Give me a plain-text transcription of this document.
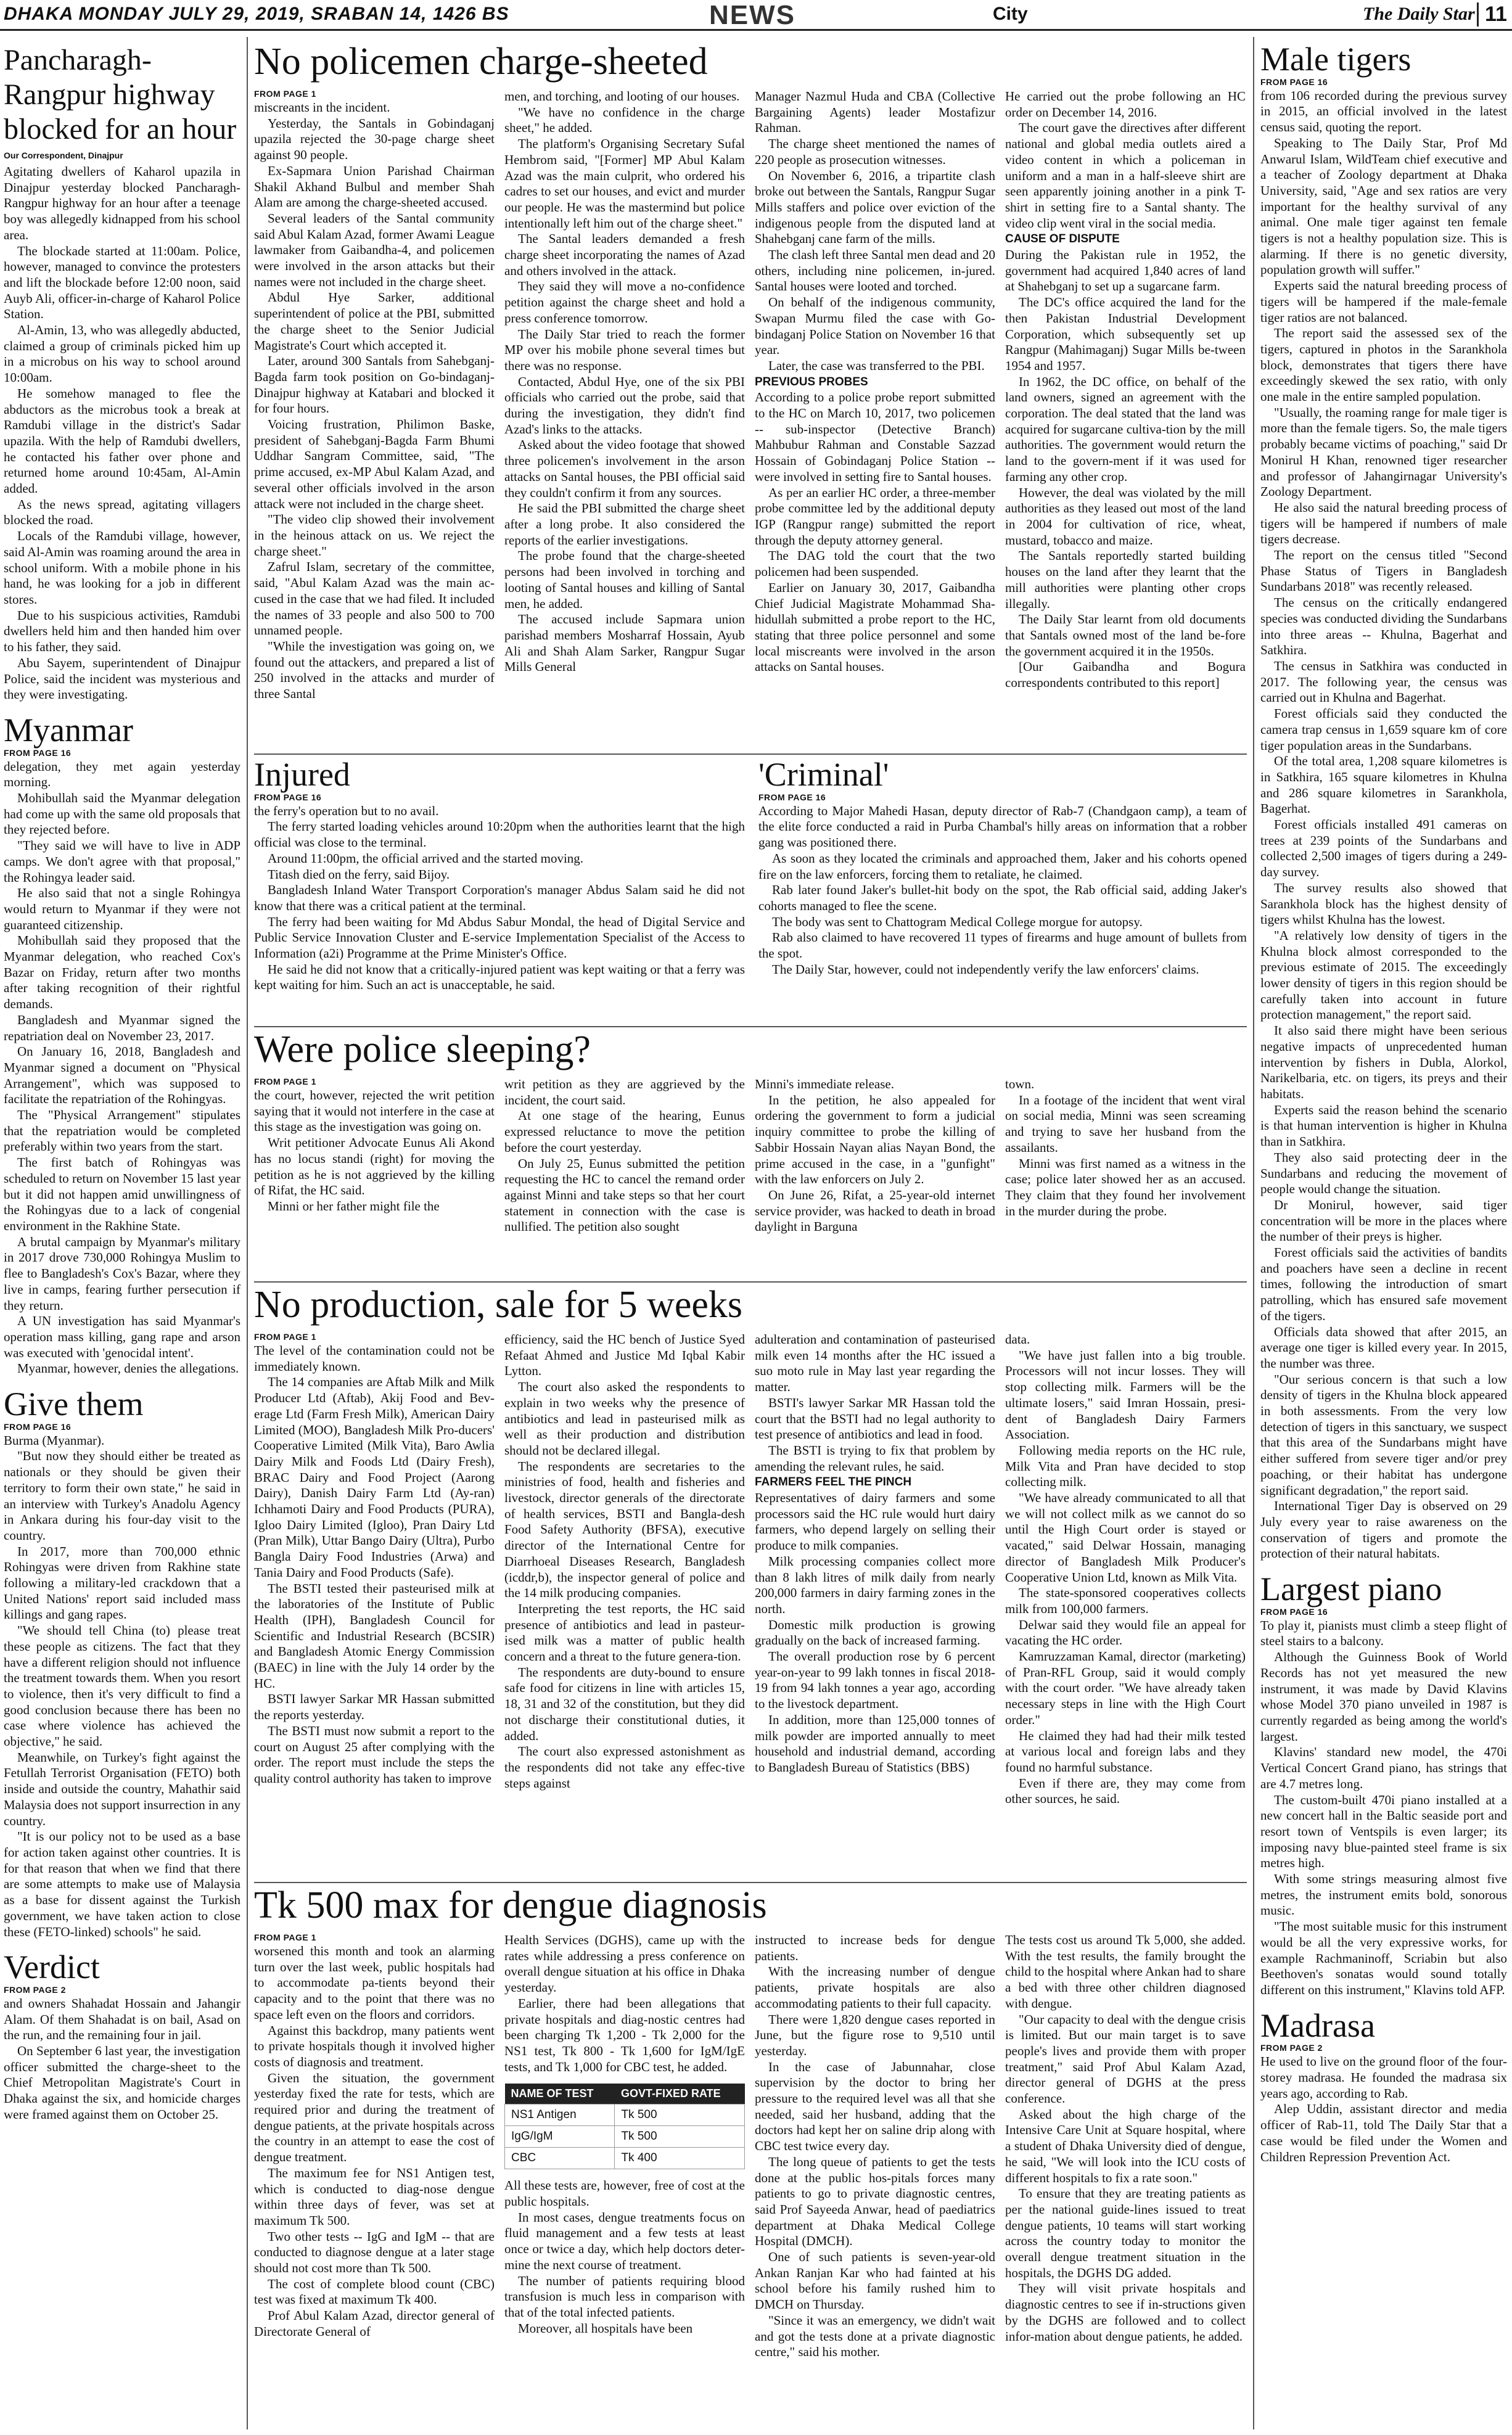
DHAKA MONDAY JULY 29, 2019, SRABAN 14, 1426 BS	NEWS	City	The Daily Star 11
Pancharagh-Rangpur highway blocked for an hour
Our Correspondent, Dinajpur

Agitating dwellers of Kaharol upazila in Dinajpur yesterday blocked Pancharagh-Rangpur highway for an hour after a teenage boy was allegedly kidnapped from his school area.

The blockade started at 11:00am. Police, however, managed to convince the protesters and lift the blockade before 12:00 noon, said Auyb Ali, officer-in-charge of Kaharol Police Station.

Al-Amin, 13, who was allegedly abducted, claimed a group of criminals picked him up in a microbus on his way to school around 10:00am.

He somehow managed to flee the abductors as the microbus took a break at Ramdubi village in the district's Sadar upazila. With the help of Ramdubi dwellers, he contacted his father over phone and returned home around 10:45am, Al-Amin added.

As the news spread, agitating villagers blocked the road.

Locals of the Ramdubi village, however, said Al-Amin was roaming around the area in school uniform. With a mobile phone in his hand, he was looking for a job in different stores.

Due to his suspicious activities, Ramdubi dwellers held him and then handed him over to his father, they said.

Abu Sayem, superintendent of Dinajpur Police, said the incident was mysterious and they were investigating.

Myanmar
FROM PAGE 16

delegation, they met again yesterday morning.

Mohibullah said the Myanmar delegation had come up with the same old proposals that they rejected before.

"They said we will have to live in ADP camps. We don't agree with that proposal," the Rohingya leader said.

He also said that not a single Rohingya would return to Myanmar if they were not guaranteed citizenship.

Mohibullah said they proposed that the Myanmar delegation, who reached Cox's Bazar on Friday, return after two months after taking recognition of their rightful demands.

Bangladesh and Myanmar signed the repatriation deal on November 23, 2017.

On January 16, 2018, Bangladesh and Myanmar signed a document on "Physical Arrangement", which was supposed to facilitate the repatriation of the Rohingyas.

The "Physical Arrangement" stipulates that the repatriation would be completed preferably within two years from the start.

The first batch of Rohingyas was scheduled to return on November 15 last year but it did not happen amid unwillingness of the Rohingyas due to a lack of congenial environment in the Rakhine State.

A brutal campaign by Myanmar's military in 2017 drove 730,000 Rohingya Muslim to flee to Bangladesh's Cox's Bazar, where they live in camps, fearing further persecution if they return.

A UN investigation has said Myanmar's operation mass killing, gang rape and arson was executed with 'genocidal intent'.

Myanmar, however, denies the allegations.

Give them
FROM PAGE 16

Burma (Myanmar).

"But now they should either be treated as nationals or they should be given their territory to form their own state," he said in an interview with Turkey's Anadolu Agency in Ankara during his four-day visit to the country.

In 2017, more than 700,000 ethnic Rohingyas were driven from Rakhine state following a military-led crackdown that a United Nations' report said included mass killings and gang rapes.

"We should tell China (to) please treat these people as citizens. The fact that they have a different religion should not influence the treatment towards them. When you resort to violence, then it's very difficult to find a good conclusion because there has been no case where violence has achieved the objective," he said.

Meanwhile, on Turkey's fight against the Fetullah Terrorist Organisation (FETO) both inside and outside the country, Mahathir said Malaysia does not support insurrection in any country.

"It is our policy not to be used as a base for action taken against other countries. It is for that reason that when we find that there are some attempts to make use of Malaysia as a base for dissent against the Turkish government, we have taken action to close these (FETO-linked) schools" he said.

Verdict
FROM PAGE 2

and owners Shahadat Hossain and Jahangir Alam. Of them Shahadat is on bail, Asad on the run, and the remaining four in jail.

On September 6 last year, the investigation officer submitted the charge-sheet to the Chief Metropolitan Magistrate's Court in Dhaka against the six, and homicide charges were framed against them on October 25.

No policemen charge-sheeted
FROM PAGE 1

miscreants in the incident.

Yesterday, the Santals in Gobindaganj upazila rejected the 30-page charge sheet against 90 people.

Ex-Sapmara Union Parishad Chairman Shakil Akhand Bulbul and member Shah Alam are among the charge-sheeted accused.

Several leaders of the Santal community said Abul Kalam Azad, former Awami League lawmaker from Gaibandha-4, and policemen were involved in the arson attacks but their names were not included in the charge sheet.

Abdul Hye Sarker, additional superintendent of police at the PBI, submitted the charge sheet to the Senior Judicial Magistrate's Court which accepted it.

Later, around 300 Santals from Sahebganj-Bagda farm took position on Go-bindaganj-Dinajpur highway at Katabari and blocked it for four hours.

Voicing frustration, Philimon Baske, president of Sahebganj-Bagda Farm Bhumi Uddhar Sangram Committee, said, "The prime accused, ex-MP Abul Kalam Azad, and several other officials involved in the arson attack were not included in the charge sheet.

"The video clip showed their involvement in the heinous attack on us. We reject the charge sheet."

Zafrul Islam, secretary of the committee, said, "Abul Kalam Azad was the main ac-cused in the case that we had filed. It included the names of 33 people and also 500 to 700 unnamed people.

"While the investigation was going on, we found out the attackers, and prepared a list of 250 involved in the attacks and murder of three Santal

men, and torching, and looting of our houses.

"We have no confidence in the charge sheet," he added.

The platform's Organising Secretary Sufal Hembrom said, "[Former] MP Abul Kalam Azad was the main culprit, who ordered his cadres to set our houses, and evict and murder our people. He was the mastermind but police intentionally left him out of the charge sheet."

The Santal leaders demanded a fresh charge sheet incorporating the names of Azad and others involved in the attack.

They said they will move a no-confidence petition against the charge sheet and hold a press conference tomorrow.

The Daily Star tried to reach the former MP over his mobile phone several times but there was no response.

Contacted, Abdul Hye, one of the six PBI officials who carried out the probe, said that during the investigation, they didn't find Azad's links to the attacks.

Asked about the video footage that showed three policemen's involvement in the arson attacks on Santal houses, the PBI official said they couldn't confirm it from any sources.

He said the PBI submitted the charge sheet after a long probe. It also considered the reports of the earlier investigations.

The probe found that the charge-sheeted persons had been involved in torching and looting of Santal houses and killing of Santal men, he added.

The accused include Sapmara union parishad members Mosharraf Hossain, Ayub Ali and Shah Alam Sarker, Rangpur Sugar Mills General

Manager Nazmul Huda and CBA (Collective Bargaining Agents) leader Mostafizur Rahman.

The charge sheet mentioned the names of 220 people as prosecution witnesses.

On November 6, 2016, a tripartite clash broke out between the Santals, Rangpur Sugar Mills staffers and police over eviction of the indigenous people from the disputed land at Shahebganj cane farm of the mills.

The clash left three Santal men dead and 20 others, including nine policemen, in-jured. Santal houses were looted and torched.

On behalf of the indigenous community, Swapan Murmu filed the case with Go-bindaganj Police Station on November 16 that year.

Later, the case was transferred to the PBI.

PREVIOUS PROBES

According to a police probe report submitted to the HC on March 10, 2017, two policemen -- sub-inspector (Detective Branch) Mahbubur Rahman and Constable Sazzad Hossain of Gobindaganj Police Station -- were involved in setting fire to Santal houses.

As per an earlier HC order, a three-member probe committee led by the additional deputy IGP (Rangpur range) submitted the report through the deputy attorney general.

The DAG told the court that the two policemen had been suspended.

Earlier on January 30, 2017, Gaibandha Chief Judicial Magistrate Mohammad Sha-hidullah submitted a probe report to the HC, stating that three police personnel and some local miscreants were involved in the arson attacks on Santal houses.

He carried out the probe following an HC order on December 14, 2016.

The court gave the directives after different national and global media outlets aired a video content in which a policeman in uniform and a man in a half-sleeve shirt are seen apparently joining another in a pink T-shirt in setting fire to a Santal shanty. The video clip went viral in the social media.

CAUSE OF DISPUTE

During the Pakistan rule in 1952, the government had acquired 1,840 acres of land at Shahebganj to set up a sugarcane farm.

The DC's office acquired the land for the then Pakistan Industrial Development Corporation, which subsequently set up Rangpur (Mahimaganj) Sugar Mills be-tween 1954 and 1957.

In 1962, the DC office, on behalf of the land owners, signed an agreement with the corporation. The deal stated that the land was acquired for sugarcane cultiva-tion by the mill authorities. The government would return the land to the govern-ment if it was used for farming any other crop.

However, the deal was violated by the mill authorities as they leased out most of the land in 2004 for cultivation of rice, wheat, mustard, tobacco and maize.

The Santals reportedly started building houses on the land after they learnt that the mill authorities were planting other crops illegally.

The Daily Star learnt from old documents that Santals owned most of the land be-fore the government acquired it in the 1950s.

[Our Gaibandha and Bogura correspondents contributed to this report]

Injured
FROM PAGE 16

the ferry's operation but to no avail.

The ferry started loading vehicles around 10:20pm when the authorities learnt that the high official was close to the terminal.

Around 11:00pm, the official arrived and the started moving.

Titash died on the ferry, said Bijoy.

Bangladesh Inland Water Transport Corporation's manager Abdus Salam said he did not know that there was a critical patient at the terminal.

The ferry had been waiting for Md Abdus Sabur Mondal, the head of Digital Service and Public Service Innovation Cluster and E-service Implementation Specialist of the Access to Information (a2i) Programme at the Prime Minister's Office.

He said he did not know that a critically-injured patient was kept waiting or that a ferry was kept waiting for him. Such an act is unacceptable, he said.

'Criminal'
FROM PAGE 16

According to Major Mahedi Hasan, deputy director of Rab-7 (Chandgaon camp), a team of the elite force conducted a raid in Purba Chambal's hilly areas on information that a robber gang was positioned there.

As soon as they located the criminals and approached them, Jaker and his cohorts opened fire on the law enforcers, forcing them to retaliate, he claimed.

Rab later found Jaker's bullet-hit body on the spot, the Rab official said, adding Jaker's cohorts managed to flee the scene.

The body was sent to Chattogram Medical College morgue for autopsy.

Rab also claimed to have recovered 11 types of firearms and huge amount of bullets from the spot.

The Daily Star, however, could not independently verify the law enforcers' claims.

Were police sleeping?
FROM PAGE 1

the court, however, rejected the writ petition saying that it would not interfere in the case at this stage as the investigation was going on.

Writ petitioner Advocate Eunus Ali Akond has no locus standi (right) for moving the petition as he is not aggrieved by the killing of Rifat, the HC said.

Minni or her father might file the

writ petition as they are aggrieved by the incident, the court said.

At one stage of the hearing, Eunus expressed reluctance to move the petition before the court yesterday.

On July 25, Eunus submitted the petition requesting the HC to cancel the remand order against Minni and take steps so that her court statement in connection with the case is nullified. The petition also sought

Minni's immediate release.

In the petition, he also appealed for ordering the government to form a judicial inquiry committee to probe the killing of Sabbir Hossain Nayan alias Nayan Bond, the prime accused in the case, in a "gunfight" with the law enforcers on July 2.

On June 26, Rifat, a 25-year-old internet service provider, was hacked to death in broad daylight in Barguna

town.

In a footage of the incident that went viral on social media, Minni was seen screaming and trying to save her husband from the assailants.

Minni was first named as a witness in the case; police later showed her as an accused. They claim that they found her involvement in the murder during the probe.

No production, sale for 5 weeks
FROM PAGE 1

The level of the contamination could not be immediately known.

The 14 companies are Aftab Milk and Milk Producer Ltd (Aftab), Akij Food and Bev-erage Ltd (Farm Fresh Milk), American Dairy Limited (MOO), Bangladesh Milk Pro-ducers' Cooperative Limited (Milk Vita), Baro Awlia Dairy Milk and Foods Ltd (Dairy Fresh), BRAC Dairy and Food Project (Aarong Dairy), Danish Dairy Farm Ltd (Ay-ran) Ichhamoti Dairy and Food Products (PURA), Igloo Dairy Limited (Igloo), Pran Dairy Ltd (Pran Milk), Uttar Bango Dairy (Ultra), Purbo Bangla Dairy Food Industries (Arwa) and Tania Dairy and Food Products (Safe).

The BSTI tested their pasteurised milk at the laboratories of the Institute of Public Health (IPH), Bangladesh Council for Scientific and Industrial Research (BCSIR) and Bangladesh Atomic Energy Commission (BAEC) in line with the July 14 order by the HC.

BSTI lawyer Sarkar MR Hassan submitted the reports yesterday.

The BSTI must now submit a report to the court on August 25 after complying with the order. The report must include the steps the quality control authority has taken to improve

efficiency, said the HC bench of Justice Syed Refaat Ahmed and Justice Md Iqbal Kabir Lytton.

The court also asked the respondents to explain in two weeks why the presence of antibiotics and lead in pasteurised milk as well as their production and distribution should not be declared illegal.

The respondents are secretaries to the ministries of food, health and fisheries and livestock, director generals of the directorate of health services, BSTI and Bangla-desh Food Safety Authority (BFSA), executive director of the International Centre for Diarrhoeal Diseases Research, Bangladesh (icddr,b), the inspector general of police and the 14 milk producing companies.

Interpreting the test reports, the HC said presence of antibiotics and lead in pasteur-ised milk was a matter of public health concern and a threat to the future genera-tion.

The respondents are duty-bound to ensure safe food for citizens in line with articles 15, 18, 31 and 32 of the constitution, but they did not discharge their constitutional duties, it added.

The court also expressed astonishment as the respondents did not take any effec-tive steps against

adulteration and contamination of pasteurised milk even 14 months after the HC issued a suo moto rule in May last year regarding the matter.

BSTI's lawyer Sarkar MR Hassan told the court that the BSTI had no legal authority to test presence of antibiotics and lead in food.

The BSTI is trying to fix that problem by amending the relevant rules, he said.

FARMERS FEEL THE PINCH

Representatives of dairy farmers and some processors said the HC rule would hurt dairy farmers, who depend largely on selling their produce to milk companies.

Milk processing companies collect more than 8 lakh litres of milk daily from nearly 200,000 farmers in dairy farming zones in the north.

Domestic milk production is growing gradually on the back of increased farming.

The overall production rose by 6 percent year-on-year to 99 lakh tonnes in fiscal 2018-19 from 94 lakh tonnes a year ago, according to the livestock department.

In addition, more than 125,000 tonnes of milk powder are imported annually to meet household and industrial demand, according to Bangladesh Bureau of Statistics (BBS)

data.

"We have just fallen into a big trouble. Processors will not incur losses. They will stop collecting milk. Farmers will be the ultimate losers," said Imran Hossain, presi-dent of Bangladesh Dairy Farmers Association.

Following media reports on the HC rule, Milk Vita and Pran have decided to stop collecting milk.

"We have already communicated to all that we will not collect milk as we cannot do so until the High Court order is stayed or vacated," said Delwar Hossain, managing director of Bangladesh Milk Producer's Cooperative Union Ltd, known as Milk Vita.

The state-sponsored cooperatives collects milk from 100,000 farmers.

Delwar said they would file an appeal for vacating the HC order.

Kamruzzaman Kamal, director (marketing) of Pran-RFL Group, said it would comply with the court order. "We have already taken necessary steps in line with the High Court order."

He claimed they had had their milk tested at various local and foreign labs and they found no harmful substance.

Even if there are, they may come from other sources, he said.

Tk 500 max for dengue diagnosis
FROM PAGE 1

worsened this month and took an alarming turn over the last week, public hospitals had to accommodate pa-tients beyond their capacity and to the point that there was no space left even on the floors and corridors.

Against this backdrop, many patients went to private hospitals though it involved higher costs of diagnosis and treatment.

Given the situation, the government yesterday fixed the rate for tests, which are required prior and during the treatment of dengue patients, at the private hospitals across the country in an attempt to ease the cost of dengue treatment.

The maximum fee for NS1 Antigen test, which is conducted to diag-nose dengue within three days of fever, was set at maximum Tk 500.

Two other tests -- IgG and IgM -- that are conducted to diagnose dengue at a later stage should not cost more than Tk 500.

The cost of complete blood count (CBC) test was fixed at maximum Tk 400.

Prof Abul Kalam Azad, director general of Directorate General of

Health Services (DGHS), came up with the rates while addressing a press conference on overall dengue situation at his office in Dhaka yesterday.

Earlier, there had been allegations that private hospitals and diag-nostic centres had been charging Tk 1,200 - Tk 2,000 for the NS1 test, Tk 800 - Tk 1,600 for IgM/IgE tests, and Tk 1,000 for CBC test, he added.

NAME OF TEST	GOVT-FIXED RATE
NS1 Antigen	Tk 500
IgG/IgM	Tk 500
CBC	Tk 400

All these tests are, however, free of cost at the public hospitals.

In most cases, dengue treatments focus on fluid management and a few tests at least once or twice a day, which help doctors deter-mine the next course of treatment.

The number of patients requiring blood transfusion is much less in comparison with that of the total infected patients.

Moreover, all hospitals have been

instructed to increase beds for dengue patients.

With the increasing number of dengue patients, private hospitals are also accommodating patients to their full capacity.

There were 1,820 dengue cases reported in June, but the figure rose to 9,510 until yesterday.

In the case of Jabunnahar, close supervision by the doctor to bring her pressure to the required level was all that she needed, said her husband, adding that the doctors had kept her on saline drip along with CBC test twice every day.

The long queue of patients to get the tests done at the public hos-pitals forces many patients to go to private diagnostic centres, said Prof Sayeeda Anwar, head of paediatrics department at Dhaka Medical College Hospital (DMCH).

One of such patients is seven-year-old Ankan Ranjan Kar who had fainted at his school before his family rushed him to DMCH on Thursday.

"Since it was an emergency, we didn't wait and got the tests done at a private diagnostic centre," said his mother.

The tests cost us around Tk 5,000, she added. With the test results, the family brought the child to the hospital where Ankan had to share a bed with three other children diagnosed with dengue.

"Our capacity to deal with the dengue crisis is limited. But our main target is to save people's lives and provide them with proper treatment," said Prof Abul Kalam Azad, director general of DGHS at the press conference.

Asked about the high charge of the Intensive Care Unit at Square hospital, where a student of Dhaka University died of dengue, he said, "We will look into the ICU costs of different hospitals to fix a rate soon."

To ensure that they are treating patients as per the national guide-lines issued to treat dengue patients, 10 teams will start working across the country today to monitor the overall dengue treatment situation in the hospitals, the DGHS DG added.

They will visit private hospitals and diagnostic centres to see if in-structions given by the DGHS are followed and to collect infor-mation about dengue patients, he added.

Male tigers
FROM PAGE 16

from 106 recorded during the previous survey in 2015, an official involved in the latest census said, quoting the report.

Speaking to The Daily Star, Prof Md Anwarul Islam, WildTeam chief executive and a teacher of Zoology department at Dhaka University, said, "Age and sex ratios are very important for the healthy survival of any animal. One male tiger against ten female tigers is not a healthy population size. This is alarming. If there is no genetic diversity, population growth will suffer."

Experts said the natural breeding process of tigers will be hampered if the male-female tiger ratios are not balanced.

The report said the assessed sex of the tigers, captured in photos in the Sarankhola block, demonstrates that tigers there have exceedingly skewed the sex ratio, with only one male in the entire sampled population.

"Usually, the roaming range for male tiger is more than the female tigers. So, the male tigers probably became victims of poaching," said Dr Monirul H Khan, renowned tiger researcher and professor of Jahangirnagar University's Zoology Department.

He also said the natural breeding process of tigers will be hampered if numbers of male tigers decrease.

The report on the census titled "Second Phase Status of Tigers in Bangladesh Sundarbans 2018" was recently released.

The census on the critically endangered species was conducted dividing the Sundarbans into three areas -- Khulna, Bagerhat and Satkhira.

The census in Satkhira was conducted in 2017. The following year, the census was carried out in Khulna and Bagerhat.

Forest officials said they conducted the camera trap census in 1,659 square km of core tiger population areas in the Sundarbans.

Of the total area, 1,208 square kilometres is in Satkhira, 165 square kilometres in Khulna and 286 square kilometres in Sarankhola, Bagerhat.

Forest officials installed 491 cameras on trees at 239 points of the Sundarbans and collected 2,500 images of tigers during a 249-day survey.

The survey results also showed that Sarankhola block has the highest density of tigers whilst Khulna has the lowest.

"A relatively low density of tigers in the Khulna block almost corresponded to the previous estimate of 2015. The exceedingly lower density of tigers in this region should be carefully taken into account in future protection management," the report said.

It also said there might have been serious negative impacts of unprecedented human intervention by fishers in Dubla, Alorkol, Narikelbaria, etc. on tigers, its preys and their habitats.

Experts said the reason behind the scenario is that human intervention is higher in Khulna than in Satkhira.

They also said protecting deer in the Sundarbans and reducing the movement of people would change the situation.

Dr Monirul, however, said tiger concentration will be more in the places where the number of their preys is higher.

Forest officials said the activities of bandits and poachers have seen a decline in recent times, following the introduction of smart patrolling, which has ensured safe movement of the tigers.

Officials data showed that after 2015, an average one tiger is killed every year. In 2015, the number was three.

"Our serious concern is that such a low density of tigers in the Khulna block appeared in both assessments. From the very low detection of tigers in this sanctuary, we suspect that this area of the Sundarbans might have either suffered from severe tiger and/or prey poaching, or their habitat has undergone significant degradation," the report said.

International Tiger Day is observed on 29 July every year to raise awareness on the conservation of tigers and promote the protection of their natural habitats.

Largest piano
FROM PAGE 16

To play it, pianists must climb a steep flight of steel stairs to a balcony.

Although the Guinness Book of World Records has not yet measured the new instrument, it was made by David Klavins whose Model 370 piano unveiled in 1987 is currently regarded as being among the world's largest.

Klavins' standard new model, the 470i Vertical Concert Grand piano, has strings that are 4.7 metres long.

The custom-built 470i piano installed at a new concert hall in the Baltic seaside port and resort town of Ventspils is even larger; its imposing navy blue-painted steel frame is six metres high.

With some strings measuring almost five metres, the instrument emits bold, sonorous music.

"The most suitable music for this instrument would be all the very expressive works, for example Rachmaninoff, Scriabin but also Beethoven's sonatas would sound totally different on this instrument," Klavins told AFP.

Madrasa
FROM PAGE 2

He used to live on the ground floor of the four-storey madrasa. He founded the madrasa six years ago, according to Rab.

Alep Uddin, assistant director and media officer of Rab-11, told The Daily Star that a case would be filed under the Women and Children Repression Prevention Act.
